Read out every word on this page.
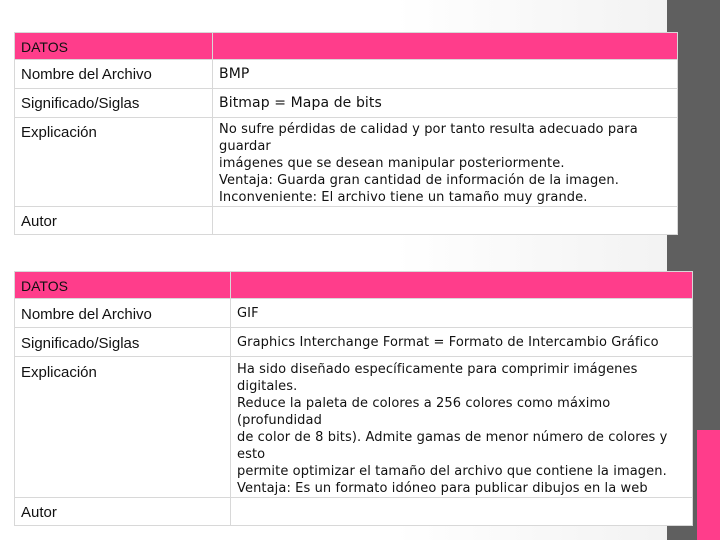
DATOS	

Nombre del Archivo	BMP

Significado/Siglas	Bitmap = Mapa de bits

Explicación	No sufre pérdidas de calidad y por tanto resulta adecuado para guardar
imágenes que se desean manipular posteriormente.
Ventaja: Guarda gran cantidad de información de la imagen.
Inconveniente: El archivo tiene un tamaño muy grande.

Autor	

DATOS	

Nombre del Archivo	GIF

Significado/Siglas	Graphics Interchange Format = Formato de Intercambio Gráfico

Explicación	Ha sido diseñado específicamente para comprimir imágenes digitales.
Reduce la paleta de colores a 256 colores como máximo (profundidad
de color de 8 bits). Admite gamas de menor número de colores y esto
permite optimizar el tamaño del archivo que contiene la imagen.
Ventaja: Es un formato idóneo para publicar dibujos en la web

Autor	
